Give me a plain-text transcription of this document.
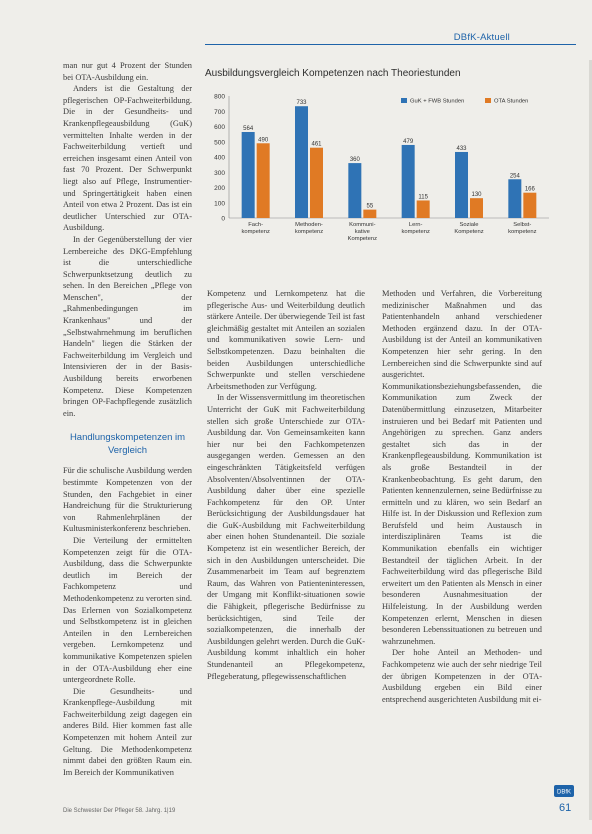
DBfK-Aktuell

man nur gut 4 Prozent der Stunden bei OTA-Ausbildung ein.

Anders ist die Gestaltung der pflegerischen OP-Fachweiterbildung. Die in der Gesundheits- und Krankenpflegeausbildung (GuK) vermittelten Inhalte werden in der Fachweiterbildung vertieft und erreichen insgesamt einen Anteil von fast 70 Prozent. Der Schwerpunkt liegt also auf Pflege, Instrumentier- und Springertätigkeit haben einen Anteil von etwa 2 Prozent. Das ist ein deutlicher Unterschied zur OTA-Ausbildung.

In der Gegenüberstellung der vier Lernbereiche des DKG-Empfehlung ist die unterschiedliche Schwerpunktsetzung deutlich zu sehen. In den Bereichen „Pflege von Menschen", der „Rahmenbedingungen im Krankenhaus" und der „Selbstwahrnehmung im beruflichen Handeln" liegen die Stärken der Fachweiterbildung im Vergleich und Intensivieren der in der Basis-Ausbildung bereits erworbenen Kompetenz. Diese Kompetenzen bringen OP-Fachpflegende zusätzlich ein.

Handlungskompetenzen im Vergleich

Für die schulische Ausbildung werden bestimmte Kompetenzen von der Stunden, den Fachgebiet in einer Handreichung für die Strukturierung von Rahmenlehrplänen der Kultusministerkonferenz beschrieben.

Die Verteilung der ermittelten Kompetenzen zeigt für die OTA-Ausbildung, dass die Schwerpunkte deutlich im Bereich der Fachkompetenz und Methodenkompetenz zu verorten sind. Das Erlernen von Sozialkompetenz und Selbstkompetenz ist in gleichen Anteilen in den Lernbereichen vergeben. Lernkompetenz und kommunikative Kompetenzen spielen in der OTA-Ausbildung eher eine untergeordnete Rolle.

Die Gesundheits- und Krankenpflege-Ausbildung mit Fachweiterbildung zeigt dagegen ein anderes Bild. Hier kommen fast alle Kompetenzen mit hohem Anteil zur Geltung. Die Methodenkompetenz nimmt dabei den größten Raum ein. Im Bereich der Kommunikativen

Ausbildungsvergleich Kompetenzen nach Theoriestunden
0
100
200
300
400
500
600
700
800
564
490
Fach-
kompetenz
733
461
Methoden-
kompetenz
360
55
Kommuni-
kative
Kompetenz
479
115
Lern-
kompetenz
433
130
Soziale
Kompetenz
254
166
Selbst-
kompetenz
GuK + FWB Stunden	OTA Stunden

Kompetenz und Lernkompetenz hat die pflegerische Aus- und Weiterbildung deutlich stärkere Anteile. Der überwiegende Teil ist fast gleichmäßig gestaltet mit Anteilen an sozialen und kommunikativen sowie Lern- und Selbstkompetenzen. Dazu beinhalten die beiden Ausbildungen unterschiedliche Schwerpunkte und stellen verschiedene Arbeitsmethoden zur Verfügung.

In der Wissensvermittlung im theoretischen Unterricht der GuK mit Fachweiterbildung stellen sich große Unterschiede zur OTA-Ausbildung dar. Von Gemeinsamkeiten kann hier nur bei den Fachkompetenzen ausgegangen werden. Gemessen an den eingeschränkten Tätigkeitsfeld verfügen Absolventen/Absolventinnen der OTA-Ausbildung daher über eine spezielle Fachkompetenz für den OP. Unter Berücksichtigung der Ausbildungsdauer hat die GuK-Ausbildung mit Fachweiterbildung aber einen hohen Stundenanteil. Die soziale Kompetenz ist ein wesentlicher Bereich, der sich in den Ausbildungen unterscheidet. Die Zusammenarbeit im Team auf begrenztem Raum, das Wahren von Patienteninteressen, der Umgang mit Konflikt-situationen sowie die Fähigkeit, pflegerische Bedürfnisse zu berücksichtigen, sind Teile der sozialkompetenzen, die innerhalb der Ausbildungen gelehrt werden. Durch die GuK-Ausbildung kommt inhaltlich ein hoher Stundenanteil an Pflegekompetenz, Pflegeberatung, pflegewissenschaftlichen

Methoden und Verfahren, die Vorbereitung medizinischer Maßnahmen und das Patientenhandeln anhand verschiedener Methoden ergänzend dazu. In der OTA-Ausbildung ist der Anteil an kommunikativen Kompetenzen hier sehr gering. In den Lernbereichen sind die Schwerpunkte sind auf ausgerichtet. Kommunikationsbeziehungsbefassenden, die Kommunikation zum Zweck der Datenübermittlung einzusetzen, Mitarbeiter instruieren und bei Bedarf mit Patienten und Angehörigen zu sprechen. Ganz anders gestaltet sich das in der Krankenpflegeausbildung. Kommunikation ist als große Bestandteil in der Krankenbeobachtung. Es geht darum, den Patienten kennenzulernen, seine Bedürfnisse zu ermitteln und zu klären, wo sein Bedarf an Hilfe ist. In der Diskussion und Reflexion zum Berufsfeld und heim Austausch in interdisziplinären Teams ist die Kommunikation ebenfalls ein wichtiger Bestandteil der täglichen Arbeit. In der Fachweiterbildung wird das pflegerische Bild erweitert um den Patienten als Mensch in einer besonderen Ausnahmesituation der Hilfeleistung. In der Ausbildung werden Kompetenzen erlernt, Menschen in diesen besonderen Lebenssituationen zu betreuen und wahrzunehmen.

Der hohe Anteil an Methoden- und Fachkompetenz wie auch der sehr niedrige Teil der übrigen Kompetenzen in der OTA-Ausbildung ergeben ein Bild einer entsprechend ausgerichteten Ausbildung mit ei-

Die Schwester Der Pfleger 58. Jahrg. 1|19
DBfK
61
